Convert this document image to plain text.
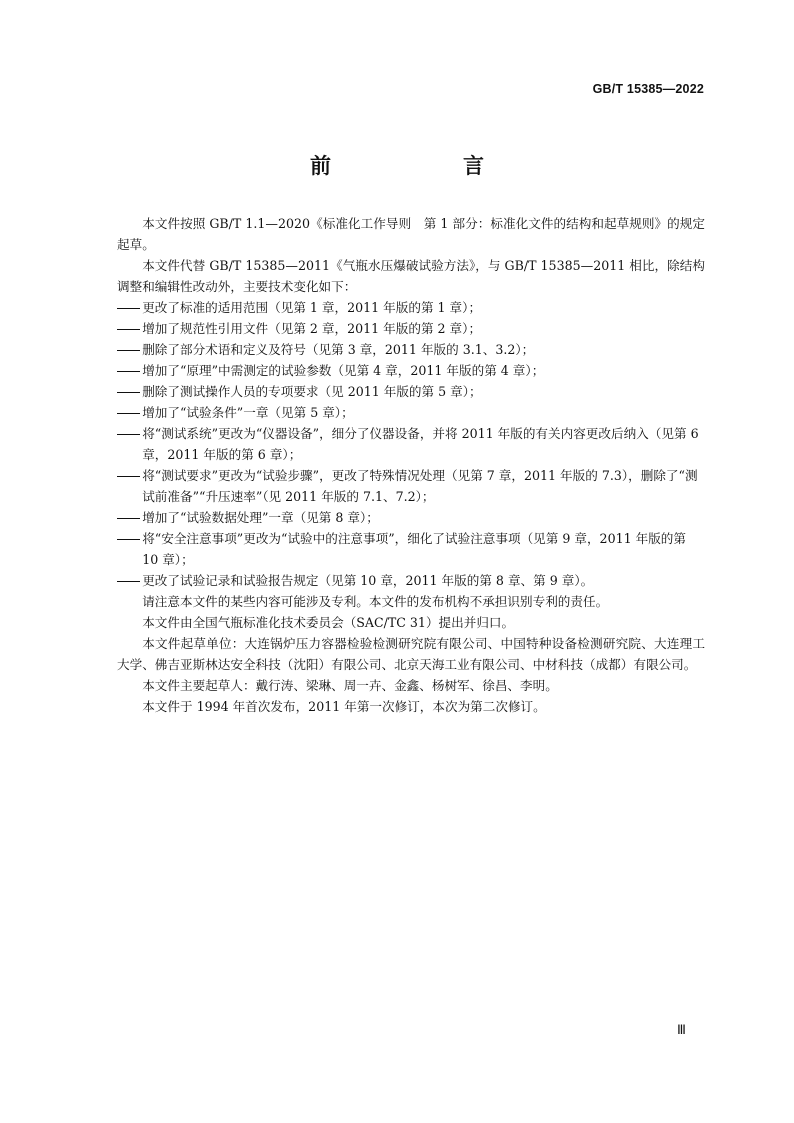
GB/T 15385—2022
前　　言

本文件按照 GB/T 1.1—2020《标准化工作导则　第 1 部分：标准化文件的结构和起草规则》的规定起草。

本文件代替 GB/T 15385—2011《气瓶水压爆破试验方法》，与 GB/T 15385—2011 相比，除结构调整和编辑性改动外，主要技术变化如下：

更改了标准的适用范围（见第 1 章，2011 年版的第 1 章）；

增加了规范性引用文件（见第 2 章，2011 年版的第 2 章）；

删除了部分术语和定义及符号（见第 3 章，2011 年版的 3.1、3.2）；

增加了“原理”中需测定的试验参数（见第 4 章，2011 年版的第 4 章）；

删除了测试操作人员的专项要求（见 2011 年版的第 5 章）；

增加了“试验条件”一章（见第 5 章）；

将“测试系统”更改为“仪器设备”，细分了仪器设备，并将 2011 年版的有关内容更改后纳入（见第 6 章，2011 年版的第 6 章）；

将“测试要求”更改为“试验步骤”，更改了特殊情况处理（见第 7 章，2011 年版的 7.3），删除了“测试前准备”“升压速率”（见 2011 年版的 7.1、7.2）；

增加了“试验数据处理”一章（见第 8 章）；

将“安全注意事项”更改为“试验中的注意事项”，细化了试验注意事项（见第 9 章，2011 年版的第 10 章）；

更改了试验记录和试验报告规定（见第 10 章，2011 年版的第 8 章、第 9 章）。

请注意本文件的某些内容可能涉及专利。本文件的发布机构不承担识别专利的责任。

本文件由全国气瓶标准化技术委员会（SAC/TC 31）提出并归口。

本文件起草单位：大连锅炉压力容器检验检测研究院有限公司、中国特种设备检测研究院、大连理工大学、佛吉亚斯林达安全科技（沈阳）有限公司、北京天海工业有限公司、中材科技（成都）有限公司。

本文件主要起草人：戴行涛、梁琳、周一卉、金鑫、杨树军、徐昌、李明。

本文件于 1994 年首次发布，2011 年第一次修订，本次为第二次修订。

Ⅲ
